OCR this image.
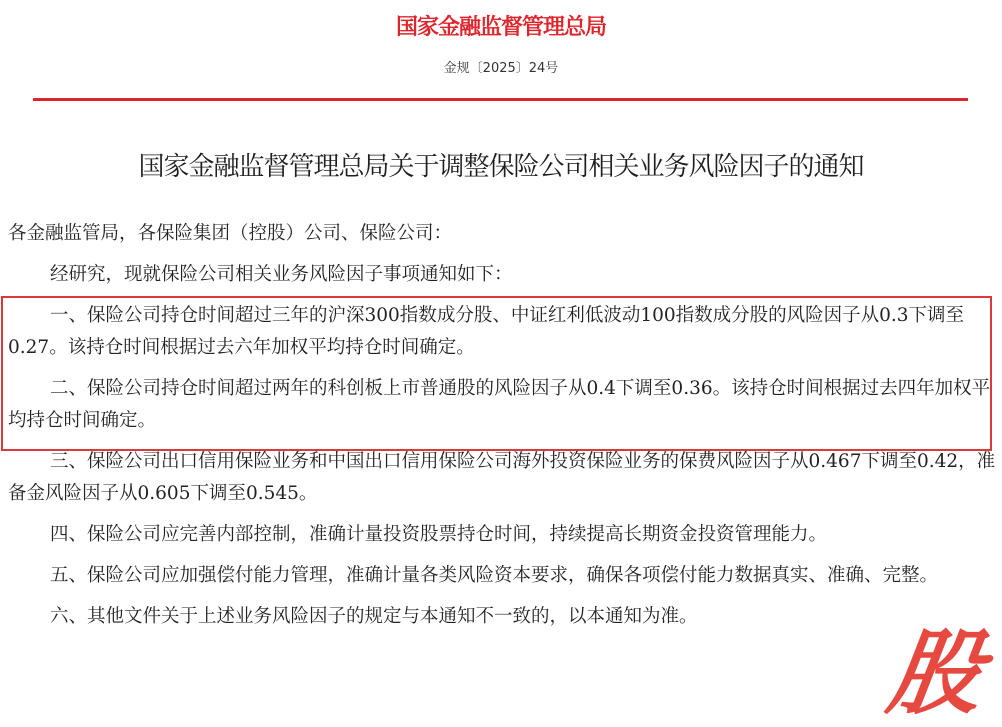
国家金融监督管理总局
金规〔2025〕24号
国家金融监督管理总局关于调整保险公司相关业务风险因子的通知

各金融监管局，各保险集团（控股）公司、保险公司：

经研究，现就保险公司相关业务风险因子事项通知如下：

一、保险公司持仓时间超过三年的沪深300指数成分股、中证红利低波动100指数成分股的风险因子从0.3下调至0.27。该持仓时间根据过去六年加权平均持仓时间确定。

二、保险公司持仓时间超过两年的科创板上市普通股的风险因子从0.4下调至0.36。该持仓时间根据过去四年加权平均持仓时间确定。

三、保险公司出口信用保险业务和中国出口信用保险公司海外投资保险业务的保费风险因子从0.467下调至0.42，准备金风险因子从0.605下调至0.545。

四、保险公司应完善内部控制，准确计量投资股票持仓时间，持续提高长期资金投资管理能力。

五、保险公司应加强偿付能力管理，准确计量各类风险资本要求，确保各项偿付能力数据真实、准确、完整。

六、其他文件关于上述业务风险因子的规定与本通知不一致的，以本通知为准。

股
